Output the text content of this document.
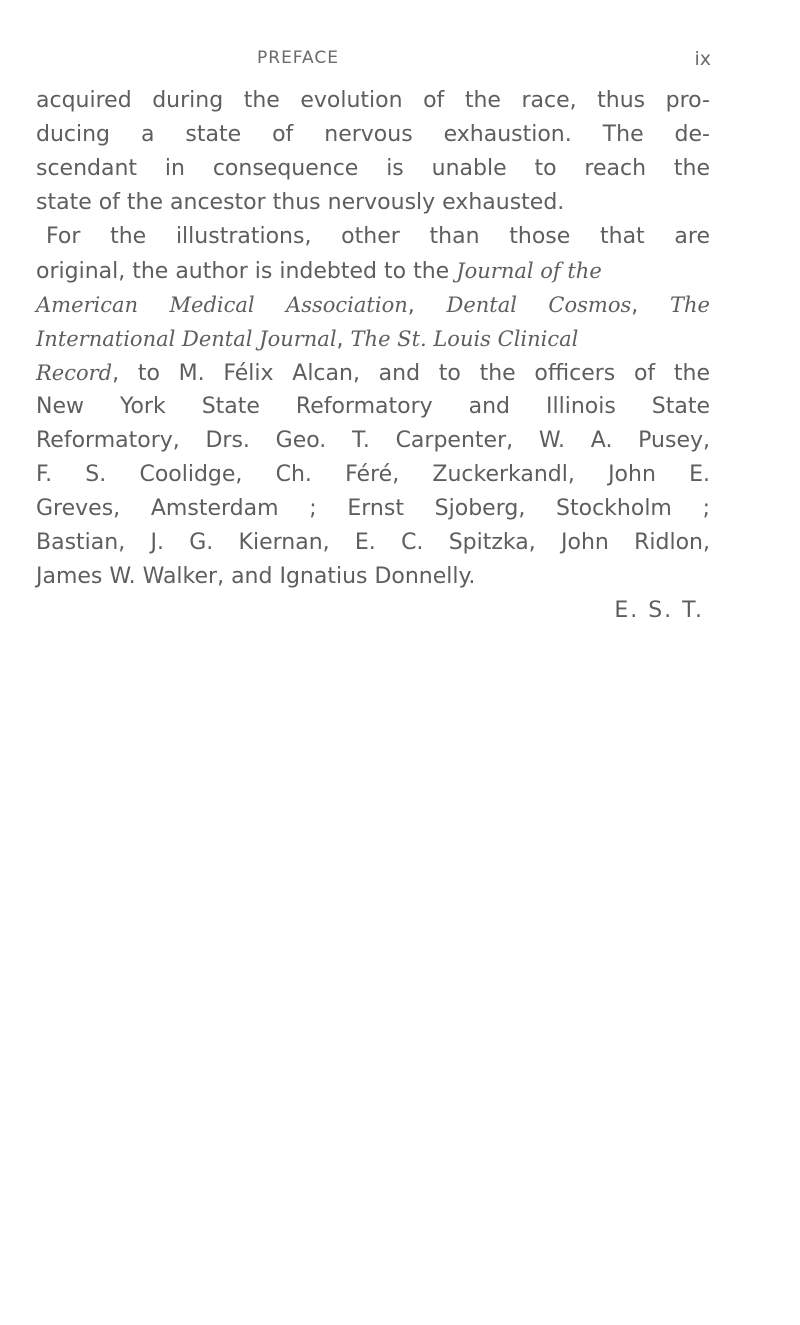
PREFACE	ix
acquired during the evolution of the race, thus pro-
ducing a state of nervous exhaustion. The de-
scendant in consequence is unable to reach the
state of the ancestor thus nervously exhausted.
For the illustrations, other than those that are
original, the author is indebted to the Journal of the
American Medical Association, Dental Cosmos, The
International Dental Journal, The St. Louis Clinical
Record, to M. Félix Alcan, and to the officers of the
New York State Reformatory and Illinois State
Reformatory, Drs. Geo. T. Carpenter, W. A. Pusey,
F. S. Coolidge, Ch. Féré, Zuckerkandl, John E.
Greves, Amsterdam ; Ernst Sjoberg, Stockholm ;
Bastian, J. G. Kiernan, E. C. Spitzka, John Ridlon,
James W. Walker, and Ignatius Donnelly.
E. S. T.
